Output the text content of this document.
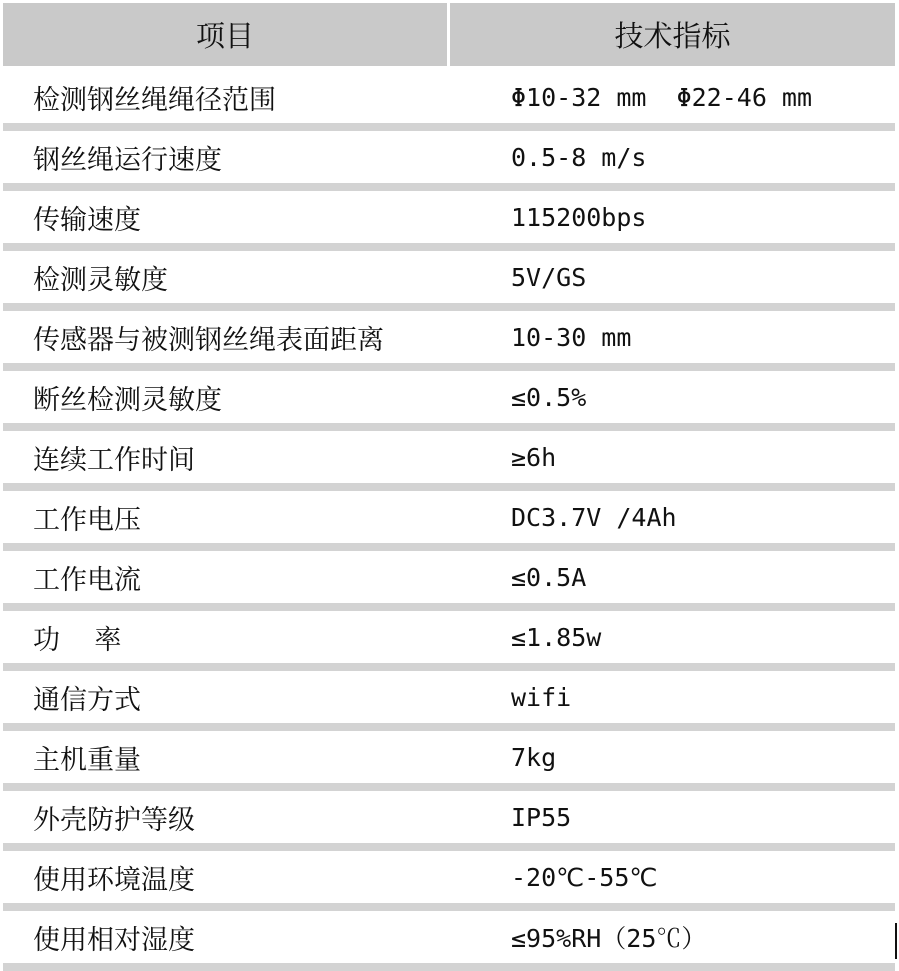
项目	技术指标
检测钢丝绳绳径范围	Φ10-32 mm  Φ22-46 mm
钢丝绳运行速度	0.5-8 m/s
传输速度	115200bps
检测灵敏度	5V/GS
传感器与被测钢丝绳表面距离	10-30 mm
断丝检测灵敏度	≤0.5%
连续工作时间	≥6h
工作电压	DC3.7V /4Ah
工作电流	≤0.5A
功    率	≤1.85w
通信方式	wifi
主机重量	7kg
外壳防护等级	IP55
使用环境温度	-20℃-55℃
使用相对湿度	≤95%RH（25℃）
